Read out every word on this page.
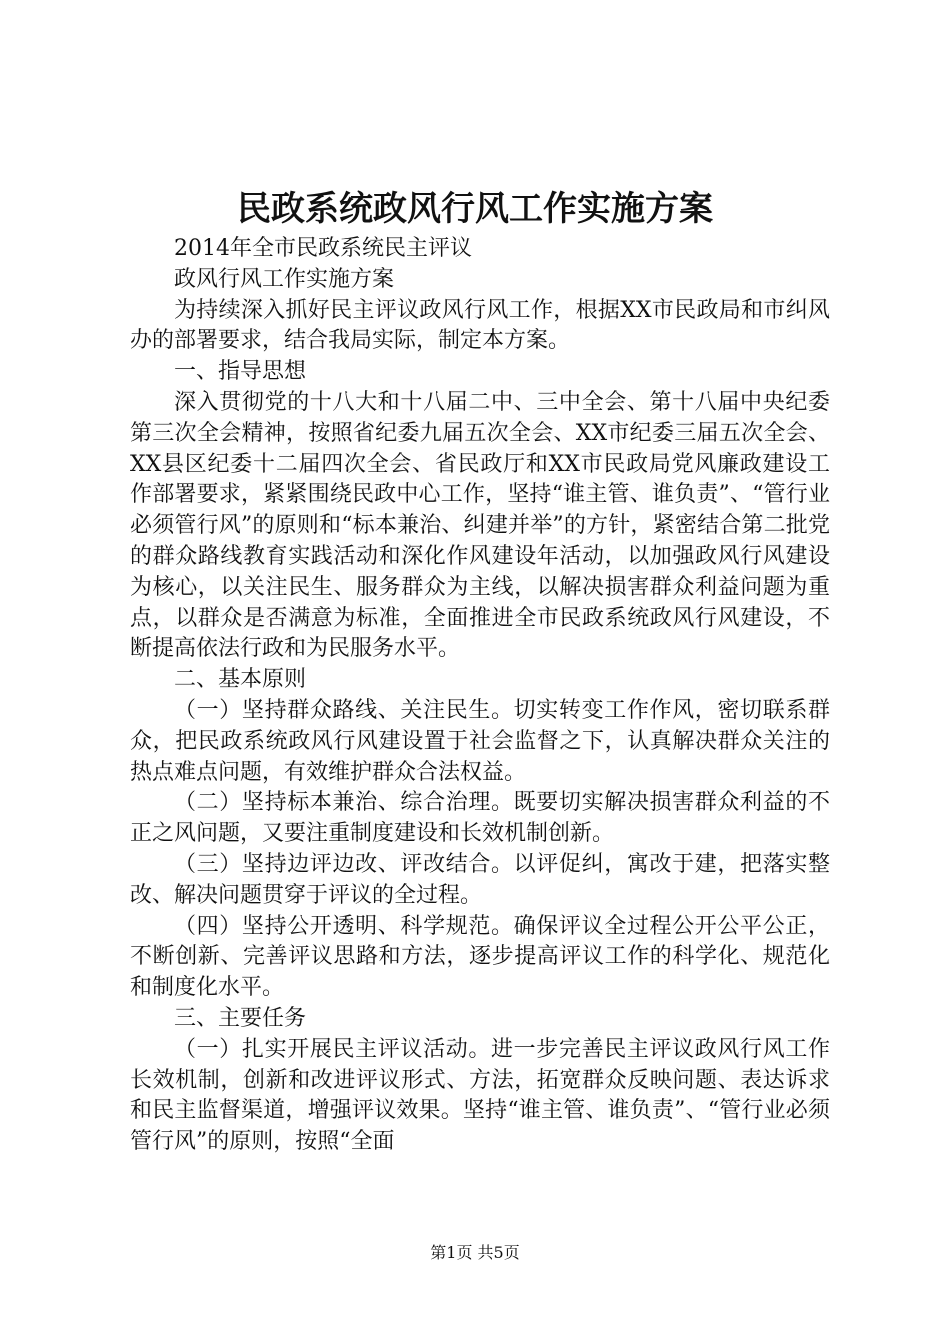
民政系统政风行风工作实施方案

2014年全市民政系统民主评议

政风行风工作实施方案

为持续深入抓好民主评议政风行风工作，根据XX市民政局和市纠风办的部署要求，结合我局实际，制定本方案。

一、指导思想

深入贯彻党的十八大和十八届二中、三中全会、第十八届中央纪委第三次全会精神，按照省纪委九届五次全会、XX市纪委三届五次全会、XX县区纪委十二届四次全会、省民政厅和XX市民政局党风廉政建设工作部署要求，紧紧围绕民政中心工作，坚持“谁主管、谁负责”、“管行业必须管行风”的原则和“标本兼治、纠建并举”的方针，紧密结合第二批党的群众路线教育实践活动和深化作风建设年活动，以加强政风行风建设为核心，以关注民生、服务群众为主线，以解决损害群众利益问题为重点，以群众是否满意为标准，全面推进全市民政系统政风行风建设，不断提高依法行政和为民服务水平。

二、基本原则

（一）坚持群众路线、关注民生。切实转变工作作风，密切联系群众，把民政系统政风行风建设置于社会监督之下，认真解决群众关注的热点难点问题，有效维护群众合法权益。

（二）坚持标本兼治、综合治理。既要切实解决损害群众利益的不正之风问题，又要注重制度建设和长效机制创新。

（三）坚持边评边改、评改结合。以评促纠，寓改于建，把落实整改、解决问题贯穿于评议的全过程。

（四）坚持公开透明、科学规范。确保评议全过程公开公平公正，不断创新、完善评议思路和方法，逐步提高评议工作的科学化、规范化和制度化水平。

三、主要任务

（一）扎实开展民主评议活动。进一步完善民主评议政风行风工作长效机制，创新和改进评议形式、方法，拓宽群众反映问题、表达诉求和民主监督渠道，增强评议效果。坚持“谁主管、谁负责”、“管行业必须管行风”的原则，按照“全面

第1页 共5页
